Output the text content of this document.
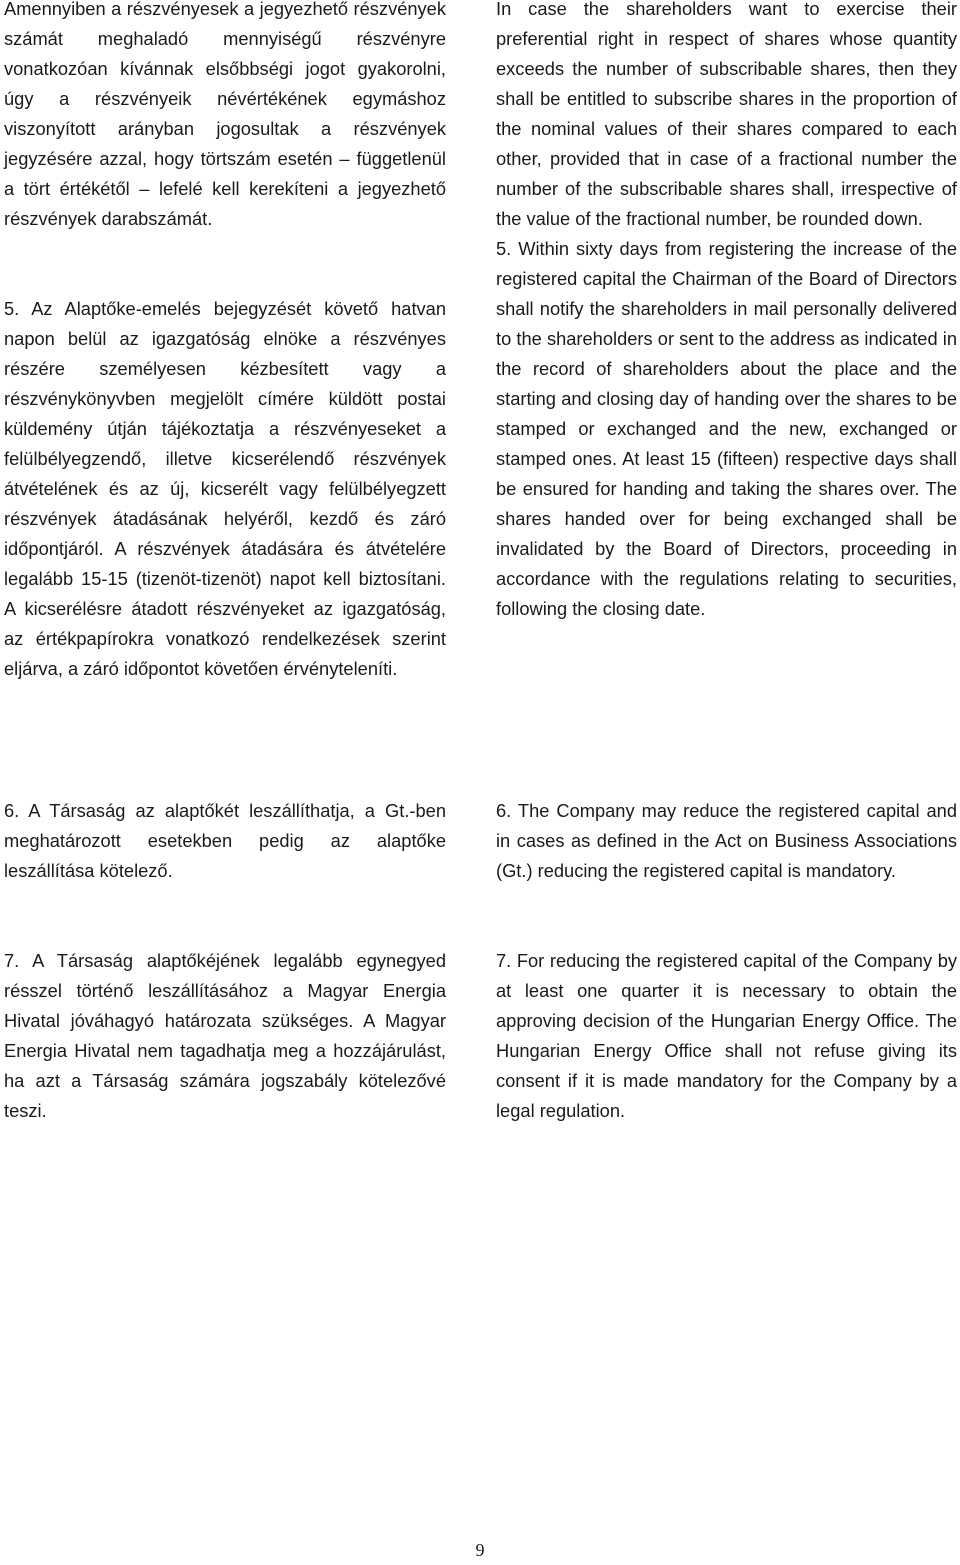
Amennyiben a részvényesek a jegyezhető részvények számát meghaladó mennyiségű részvényre vonatkozóan kívánnak elsőbbségi jogot gyakorolni, úgy a részvényeik névértékének egymáshoz viszonyított arányban jogosultak a részvények jegyzésére azzal, hogy törtszám esetén – függetlenül a tört értékétől – lefelé kell kerekíteni a jegyezhető részvények darabszámát.

5. Az Alaptőke-emelés bejegyzését követő hatvan napon belül az igazgatóság elnöke a részvényes részére személyesen kézbesített vagy a részvénykönyvben megjelölt címére küldött postai küldemény útján tájékoztatja a részvényeseket a felülbélyegzendő, illetve kicserélendő részvények átvételének és az új, kicserélt vagy felülbélyegzett részvények átadásának helyéről, kezdő és záró időpontjáról. A részvények átadására és átvételére legalább 15-15 (tizenöt-tizenöt) napot kell biztosítani. A kicserélésre átadott részvényeket az igazgatóság, az értékpapírokra vonatkozó rendelkezések szerint eljárva, a záró időpontot követően érvényteleníti.

6. A Társaság az alaptőkét leszállíthatja, a Gt.-ben meghatározott esetekben pedig az alaptőke leszállítása kötelező.

7. A Társaság alaptőkéjének legalább egynegyed résszel történő leszállításához a Magyar Energia Hivatal jóváhagyó határozata szükséges. A Magyar Energia Hivatal nem tagadhatja meg a hozzájárulást, ha azt a Társaság számára jogszabály kötelezővé teszi.

In case the shareholders want to exercise their preferential right in respect of shares whose quantity exceeds the number of subscribable shares, then they shall be entitled to subscribe shares in the proportion of the nominal values of their shares compared to each other, provided that in case of a fractional number the number of the subscribable shares shall, irrespective of the value of the fractional number, be rounded down.

5. Within sixty days from registering the increase of the registered capital the Chairman of the Board of Directors shall notify the shareholders in mail personally delivered to the shareholders or sent to the address as indicated in the record of shareholders about the place and the starting and closing day of handing over the shares to be stamped or exchanged and the new, exchanged or stamped ones. At least 15 (fifteen) respective days shall be ensured for handing and taking the shares over. The shares handed over for being exchanged shall be invalidated by the Board of Directors, proceeding in accordance with the regulations relating to securities, following the closing date.

6. The Company may reduce the registered capital and in cases as defined in the Act on Business Associations (Gt.) reducing the registered capital is mandatory.

7. For reducing the registered capital of the Company by at least one quarter it is necessary to obtain the approving decision of the Hungarian Energy Office. The Hungarian Energy Office shall not refuse giving its consent if it is made mandatory for the Company by a legal regulation.

9
